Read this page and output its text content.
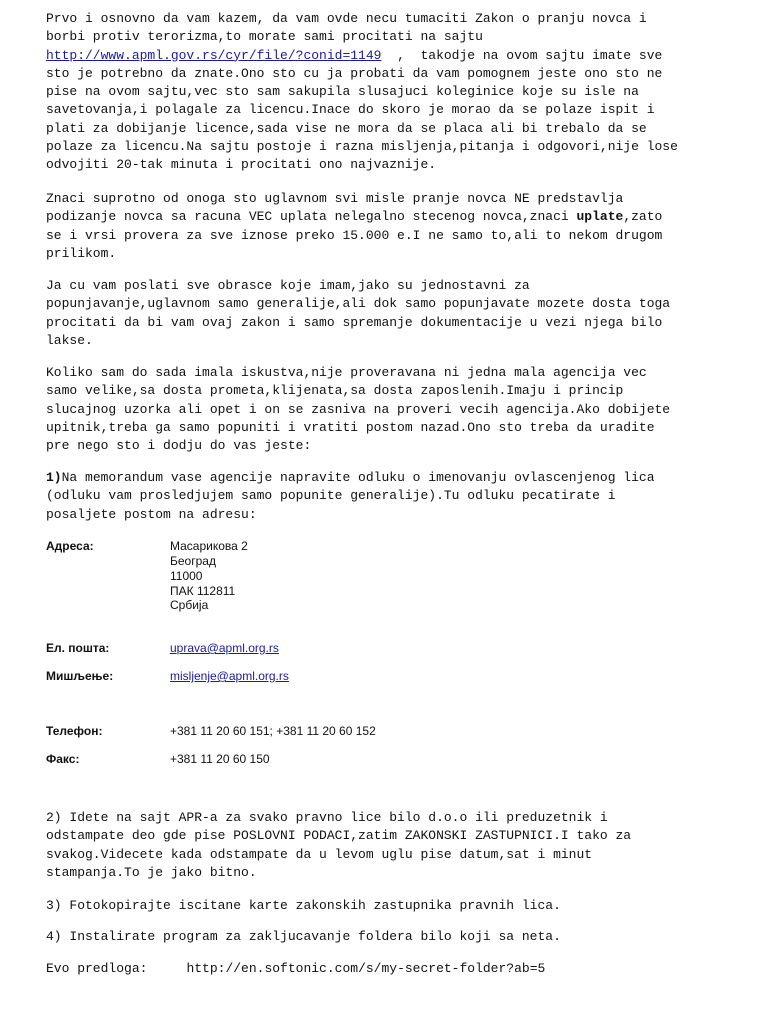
Prvo i osnovno da vam kazem, da vam ovde necu tumaciti Zakon o pranju novca i
borbi protiv terorizma,to morate sami procitati na sajtu
http://www.apml.gov.rs/cyr/file/?conid=1149  ,  takodje na ovom sajtu imate sve
sto je potrebno da znate.Ono sto cu ja probati da vam pomognem jeste ono sto ne
pise na ovom sajtu,vec sto sam sakupila slusajuci koleginice koje su isle na
savetovanja,i polagale za licencu.Inace do skoro je morao da se polaze ispit i
plati za dobijanje licence,sada vise ne mora da se placa ali bi trebalo da se
polaze za licencu.Na sajtu postoje i razna misljenja,pitanja i odgovori,nije lose
odvojiti 20-tak minuta i procitati ono najvaznije.
Znaci suprotno od onoga sto uglavnom svi misle pranje novca NE predstavlja
podizanje novca sa racuna VEC uplata nelegalno stecenog novca,znaci uplate,zato
se i vrsi provera za sve iznose preko 15.000 e.I ne samo to,ali to nekom drugom
prilikom.
Ja cu vam poslati sve obrasce koje imam,jako su jednostavni za
popunjavanje,uglavnom samo generalije,ali dok samo popunjavate mozete dosta toga
procitati da bi vam ovaj zakon i samo spremanje dokumentacije u vezi njega bilo
lakse.
Koliko sam do sada imala iskustva,nije proveravana ni jedna mala agencija vec
samo velike,sa dosta prometa,klijenata,sa dosta zaposlenih.Imaju i princip
slucajnog uzorka ali opet i on se zasniva na proveri vecih agencija.Ako dobijete
upitnik,treba ga samo popuniti i vratiti postom nazad.Ono sto treba da uradite
pre nego sto i dodju do vas jeste:
1)Na memorandum vase agencije napravite odluku o imenovanju ovlascenjenog lica
(odluku vam prosledjujem samo popunite generalije).Tu odluku pecatirate i
posaljete postom na adresu:
Адреса:	Масарикова 2
Београд
11000
ПАК 112811
Србија
Ел. пошта:	uprava@apml.org.rs
Мишљење:	misljenje@apml.org.rs
Телефон:	+381 11 20 60 151; +381 11 20 60 152
Факс:	+381 11 20 60 150
2) Idete na sajt APR-a za svako pravno lice bilo d.o.o ili preduzetnik i
odstampate deo gde pise POSLOVNI PODACI,zatim ZAKONSKI ZASTUPNICI.I tako za
svakog.Videcete kada odstampate da u levom uglu pise datum,sat i minut
stampanja.To je jako bitno.
3) Fotokopirajte iscitane karte zakonskih zastupnika pravnih lica.
4) Instalirate program za zakljucavanje foldera bilo koji sa neta.
Evo predloga:	http://en.softonic.com/s/my-secret-folder?ab=5
